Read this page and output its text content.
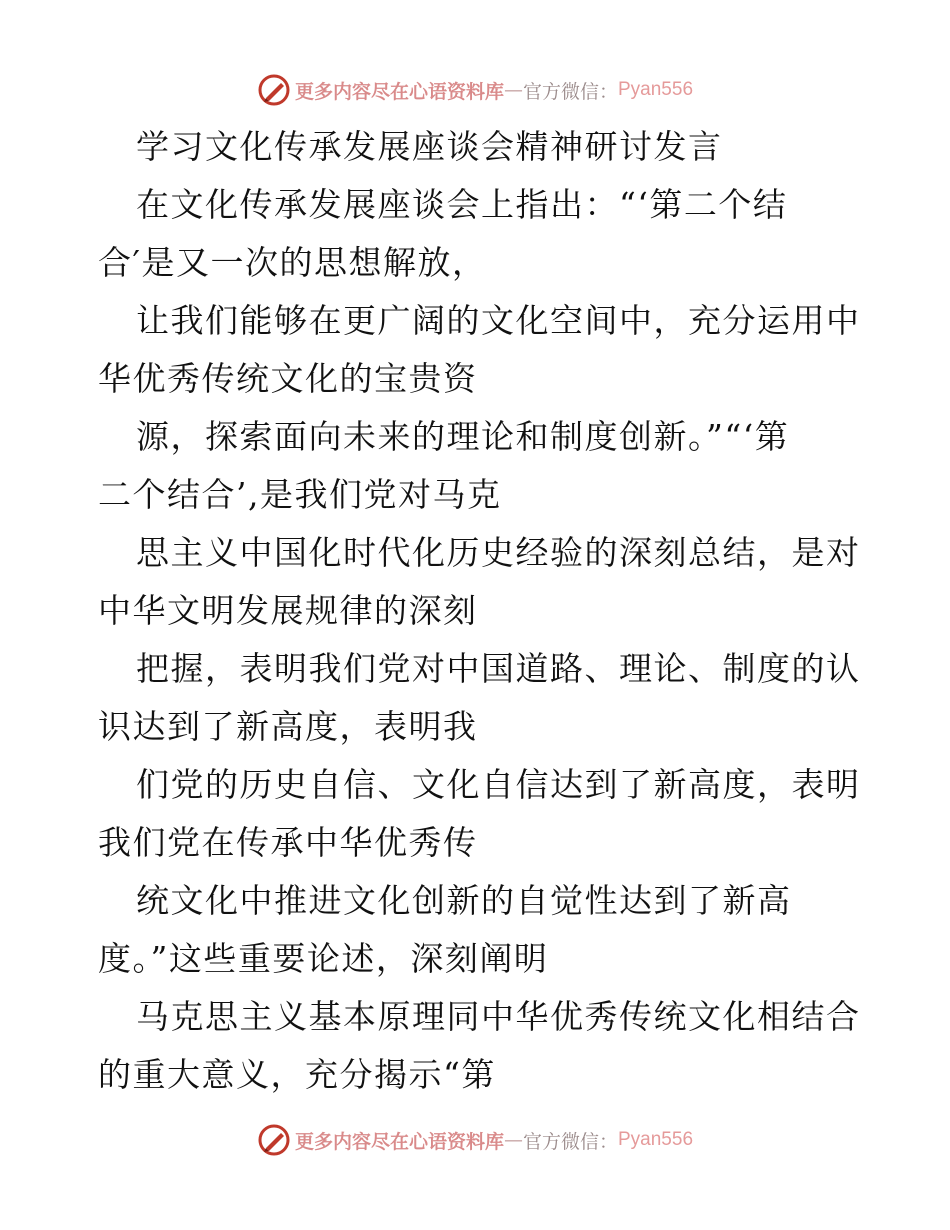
更多内容尽在心语资料库 — 官方微信： Pyan556
学习文化传承发展座谈会精神研讨发言
在文化传承发展座谈会上指出：“‘第二个结
合′是又一次的思想解放，
让我们能够在更广阔的文化空间中，充分运用中
华优秀传统文化的宝贵资
源，探索面向未来的理论和制度创新。”“‘第
二个结合’,是我们党对马克
思主义中国化时代化历史经验的深刻总结，是对
中华文明发展规律的深刻
把握，表明我们党对中国道路、理论、制度的认
识达到了新高度，表明我
们党的历史自信、文化自信达到了新高度，表明
我们党在传承中华优秀传
统文化中推进文化创新的自觉性达到了新高
度。”这些重要论述，深刻阐明
马克思主义基本原理同中华优秀传统文化相结合
的重大意义，充分揭示“第
更多内容尽在心语资料库 — 官方微信： Pyan556
